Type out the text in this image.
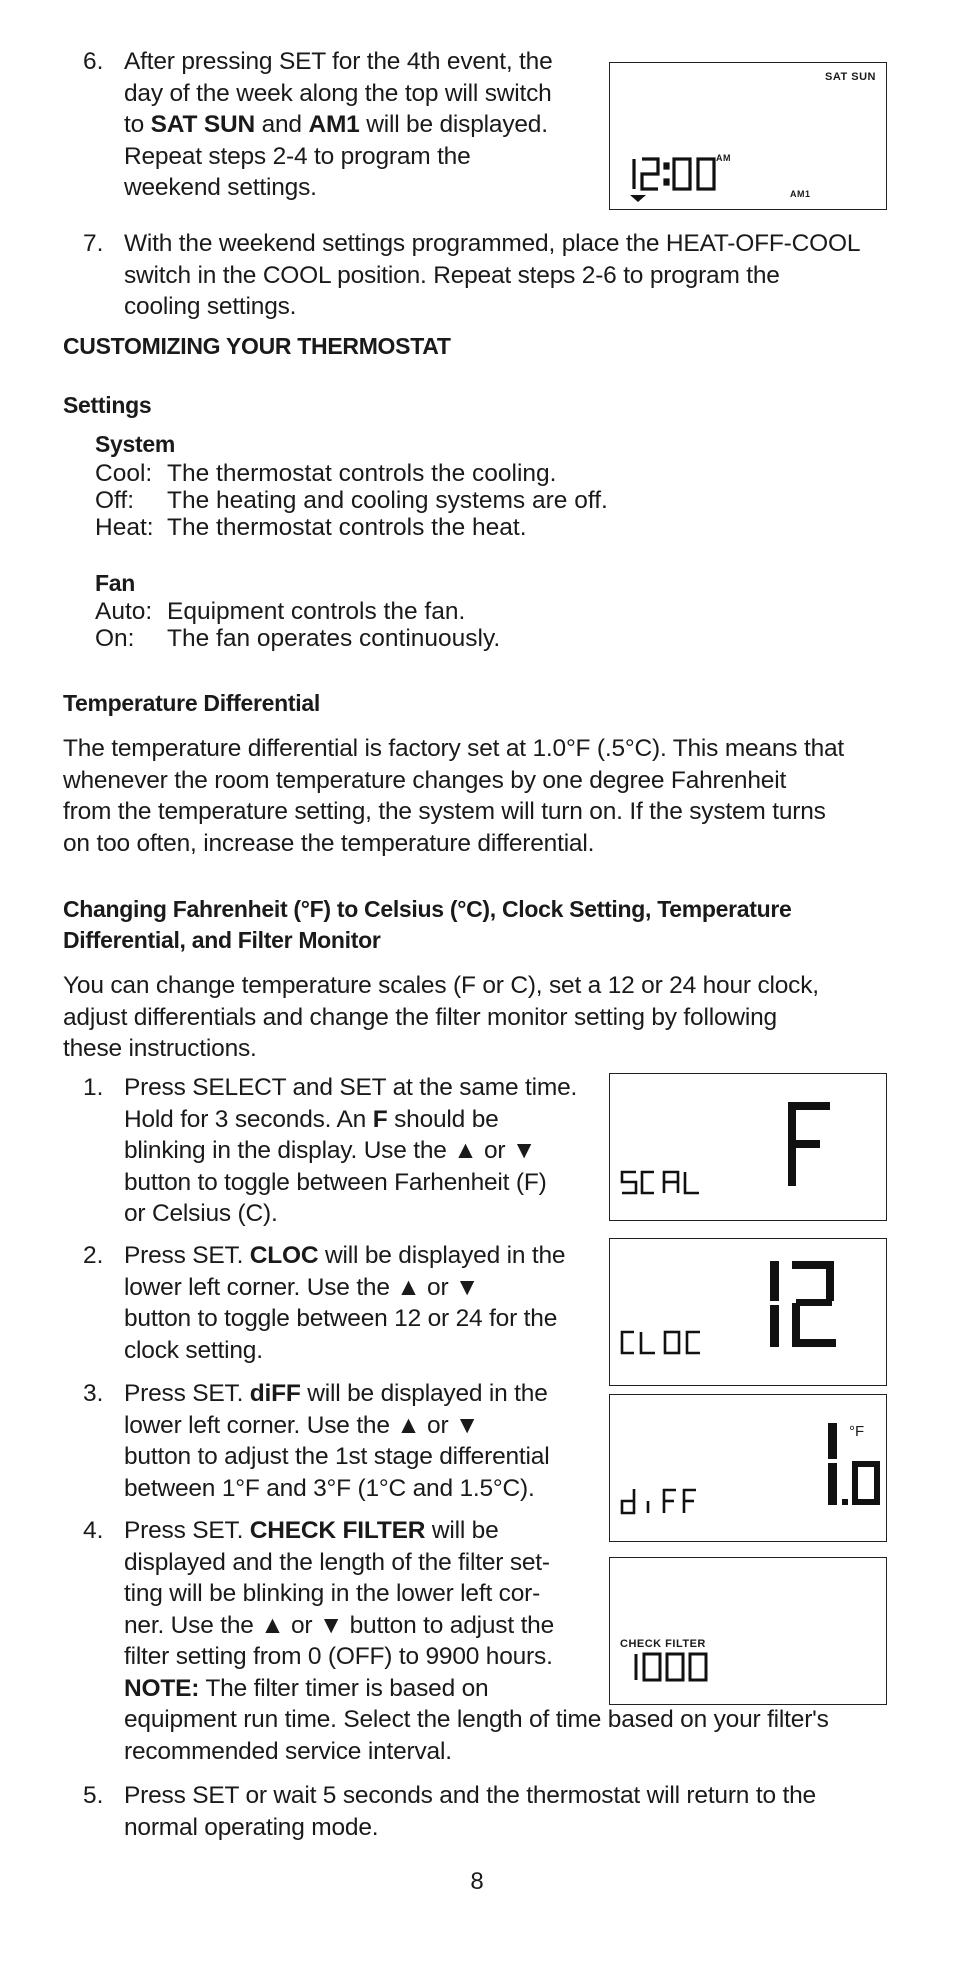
6. After pressing SET for the 4th event, the
day of the week along the top will switch
to SAT SUN and AM1 will be displayed.
Repeat steps 2-4 to program the
weekend settings.
SAT SUN
AM
AM1
7. With the weekend settings programmed, place the HEAT-OFF-COOL
switch in the COOL position. Repeat steps 2-6 to program the
cooling settings.
CUSTOMIZING YOUR THERMOSTAT
Settings
System
Cool: The thermostat controls the cooling.
Off: The heating and cooling systems are off.
Heat: The thermostat controls the heat.
Fan
Auto: Equipment controls the fan.
On: The fan operates continuously.
Temperature Differential
The temperature differential is factory set at 1.0°F (.5°C). This means that
whenever the room temperature changes by one degree Fahrenheit
from the temperature setting, the system will turn on. If the system turns
on too often, increase the temperature differential.
Changing Fahrenheit (°F) to Celsius (°C), Clock Setting, Temperature
Differential, and Filter Monitor
You can change temperature scales (F or C), set a 12 or 24 hour clock,
adjust differentials and change the filter monitor setting by following
these instructions.
1. Press SELECT and SET at the same time.
Hold for 3 seconds. An F should be
blinking in the display. Use the ▲ or ▼
button to toggle between Farhenheit (F)
or Celsius (C).
2. Press SET. CLOC will be displayed in the
lower left corner. Use the ▲ or ▼
button to toggle between 12 or 24 for the
clock setting.
3. Press SET. diFF will be displayed in the
lower left corner. Use the ▲ or ▼
button to adjust the 1st stage differential
between 1°F and 3°F (1°C and 1.5°C).
°F
4. Press SET. CHECK FILTER will be
displayed and the length of the filter set-
ting will be blinking in the lower left cor-
ner. Use the ▲ or ▼ button to adjust the
filter setting from 0 (OFF) to 9900 hours.
NOTE: The filter timer is based on
equipment run time. Select the length of time based on your filter's
recommended service interval.
CHECK FILTER
5. Press SET or wait 5 seconds and the thermostat will return to the
normal operating mode.
8
